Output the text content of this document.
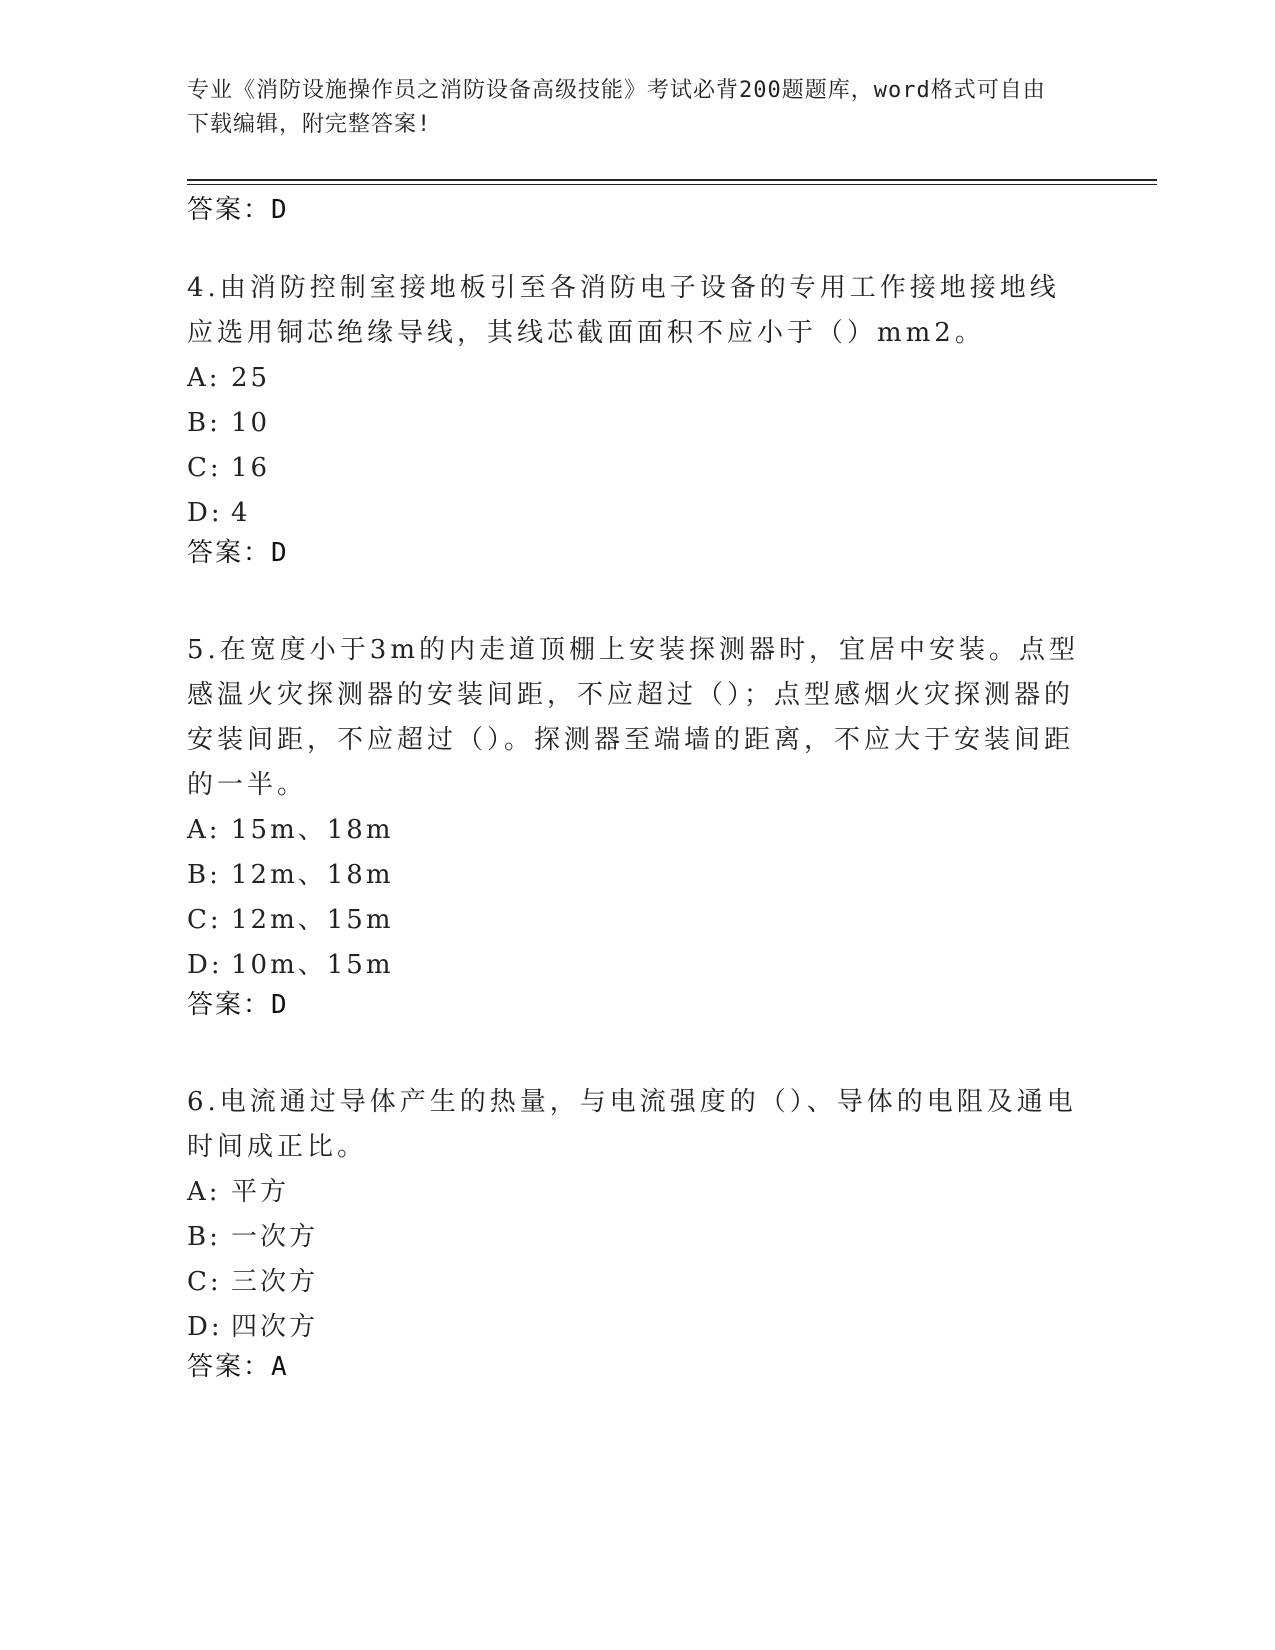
专业《消防设施操作员之消防设备高级技能》考试必背200题题库，word格式可自由下载编辑，附完整答案!

答案：D

4.由消防控制室接地板引至各消防电子设备的专用工作接地接地线应选用铜芯绝缘导线，其线芯截面面积不应小于（）mm2。

A: 25
B: 10
C: 16
D: 4

答案：D

5.在宽度小于3m的内走道顶棚上安装探测器时，宜居中安装。点型感温火灾探测器的安装间距，不应超过（）；点型感烟火灾探测器的安装间距，不应超过（）。探测器至端墙的距离，不应大于安装间距的一半。

A: 15m、18m
B: 12m、18m
C: 12m、15m
D: 10m、15m

答案：D

6.电流通过导体产生的热量，与电流强度的（）、导体的电阻及通电时间成正比。

A: 平方
B: 一次方
C: 三次方
D: 四次方

答案：A
